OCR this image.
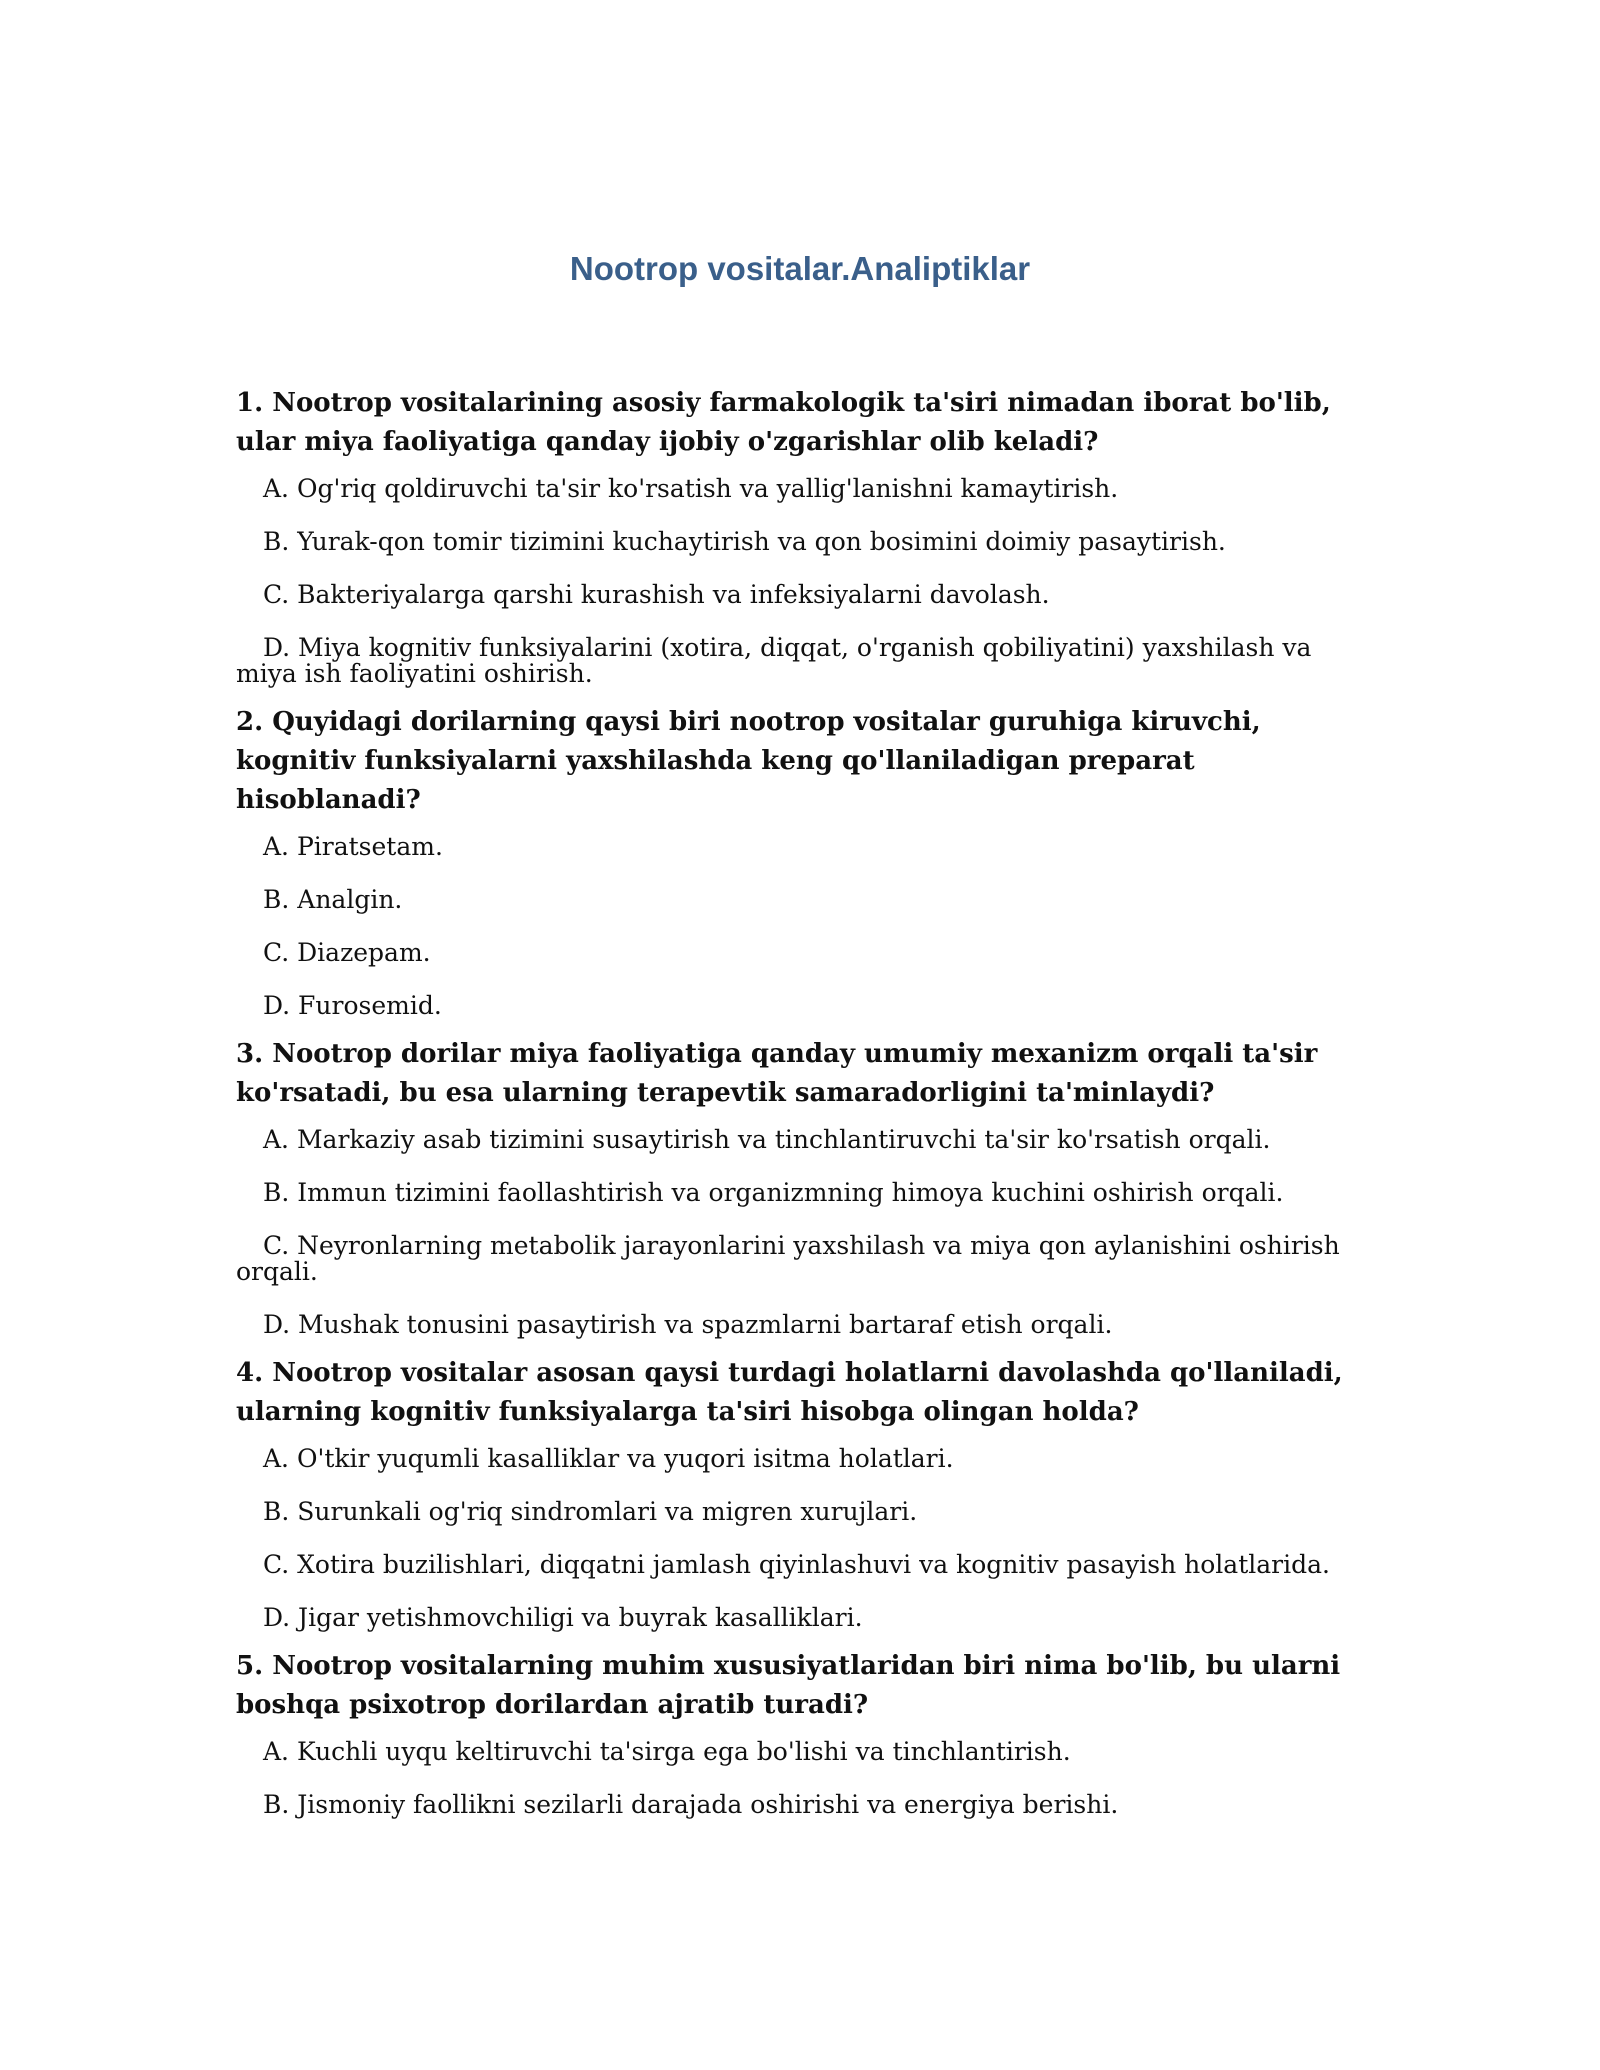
Nootrop vositalar.Analiptiklar

1. Nootrop vositalarining asosiy farmakologik ta'siri nimadan iborat bo'lib, ular miya faoliyatiga qanday ijobiy o'zgarishlar olib keladi?

A. Og'riq qoldiruvchi ta'sir ko'rsatish va yallig'lanishni kamaytirish.
B. Yurak-qon tomir tizimini kuchaytirish va qon bosimini doimiy pasaytirish.
C. Bakteriyalarga qarshi kurashish va infeksiyalarni davolash.
D. Miya kognitiv funksiyalarini (xotira, diqqat, o'rganish qobiliyatini) yaxshilash va miya ish faoliyatini oshirish.

2. Quyidagi dorilarning qaysi biri nootrop vositalar guruhiga kiruvchi, kognitiv funksiyalarni yaxshilashda keng qo'llaniladigan preparat hisoblanadi?

A. Piratsetam.
B. Analgin.
C. Diazepam.
D. Furosemid.

3. Nootrop dorilar miya faoliyatiga qanday umumiy mexanizm orqali ta'sir ko'rsatadi, bu esa ularning terapevtik samaradorligini ta'minlaydi?

A. Markaziy asab tizimini susaytirish va tinchlantiruvchi ta'sir ko'rsatish orqali.
B. Immun tizimini faollashtirish va organizmning himoya kuchini oshirish orqali.
C. Neyronlarning metabolik jarayonlarini yaxshilash va miya qon aylanishini oshirish orqali.
D. Mushak tonusini pasaytirish va spazmlarni bartaraf etish orqali.

4. Nootrop vositalar asosan qaysi turdagi holatlarni davolashda qo'llaniladi, ularning kognitiv funksiyalarga ta'siri hisobga olingan holda?

A. O'tkir yuqumli kasalliklar va yuqori isitma holatlari.
B. Surunkali og'riq sindromlari va migren xurujlari.
C. Xotira buzilishlari, diqqatni jamlash qiyinlashuvi va kognitiv pasayish holatlarida.
D. Jigar yetishmovchiligi va buyrak kasalliklari.

5. Nootrop vositalarning muhim xususiyatlaridan biri nima bo'lib, bu ularni boshqa psixotrop dorilardan ajratib turadi?

A. Kuchli uyqu keltiruvchi ta'sirga ega bo'lishi va tinchlantirish.
B. Jismoniy faollikni sezilarli darajada oshirishi va energiya berishi.
